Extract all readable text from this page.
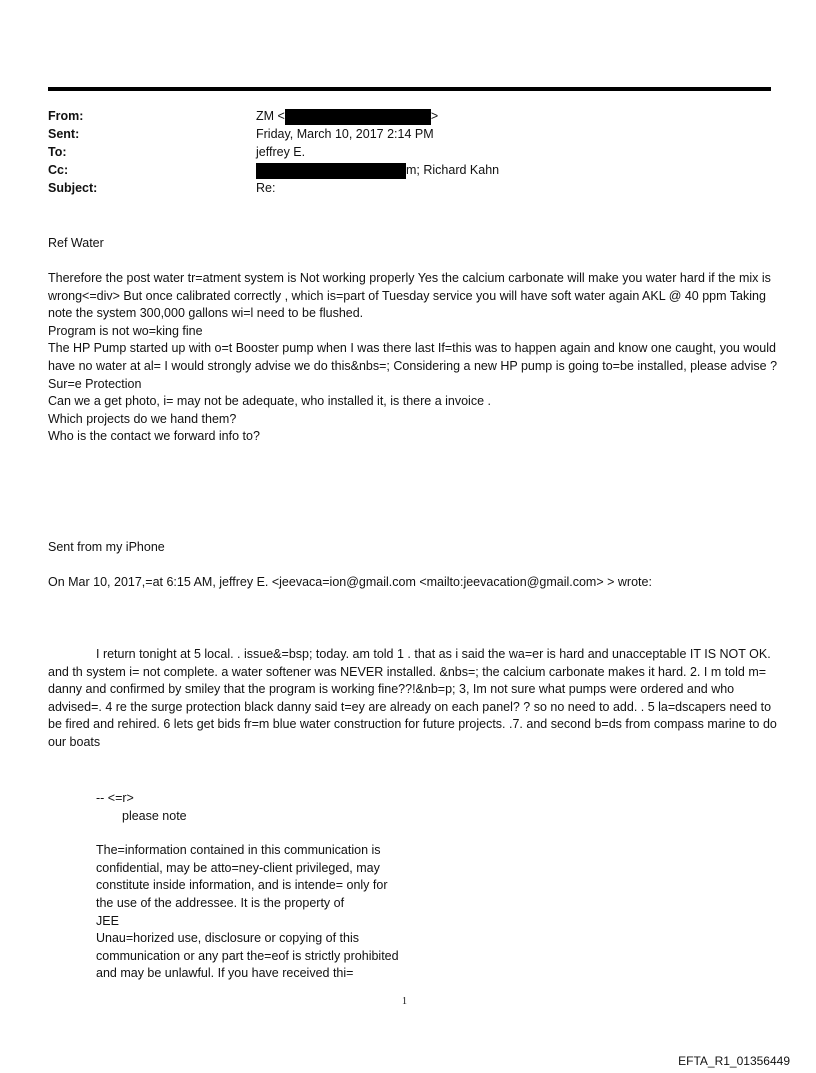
From:	ZM <	>
Sent:	Friday, March 10, 2017 2:14 PM
To:	jeffrey E.
Cc:	m; Richard Kahn
Subject:	Re:
Ref Water

Therefore the post water tr=atment system is Not working properly Yes the calcium carbonate will make you water hard if the mix is wrong<=div> But once calibrated correctly , which is=part of Tuesday service you will have soft water again AKL @ 40 ppm Taking note the system 300,000 gallons wi=l need to be flushed.

Program is not wo=king fine

The HP Pump started up with o=t Booster pump when I was there last If=this was to happen again and know one caught, you would have no water at al= I would strongly advise we do this&nbs=; Considering a new HP pump is going to=be installed, please advise ?

Sur=e Protection

Can we a get photo, i= may not be adequate, who installed it, is there a invoice .

Which projects do we hand them?

Who is the contact we forward info to?

Sent from my iPhone
On Mar 10, 2017,=at 6:15 AM, jeffrey E. <jeevaca=ion@gmail.com <mailto:jeevacation@gmail.com> > wrote:

I return tonight at 5 local. . issue&=bsp; today. am told 1 . that as i said the wa=er is hard and unacceptable IT IS NOT OK. and th system i= not complete. a water softener was NEVER installed. &nbs=; the calcium carbonate makes it hard. 2. I m told m= danny and confirmed by smiley that the program is working fine??!&nb=p; 3, Im not sure what pumps were ordered and who advised=. 4 re the surge protection black danny said t=ey are already on each panel? ? so no need to add. . 5 la=dscapers need to be fired and rehired. 6 lets get bids fr=m blue water construction for future projects. .7. and second b=ds from compass marine to do our boats

-- <=r>

please note

The=information contained in this communication is

confidential, may be atto=ney-client privileged, may

constitute inside information, and is intende= only for

the use of the addressee. It is the property of

JEE

Unau=horized use, disclosure or copying of this

communication or any part the=eof is strictly prohibited

and may be unlawful. If you have received thi=

1
EFTA_R1_01356449
